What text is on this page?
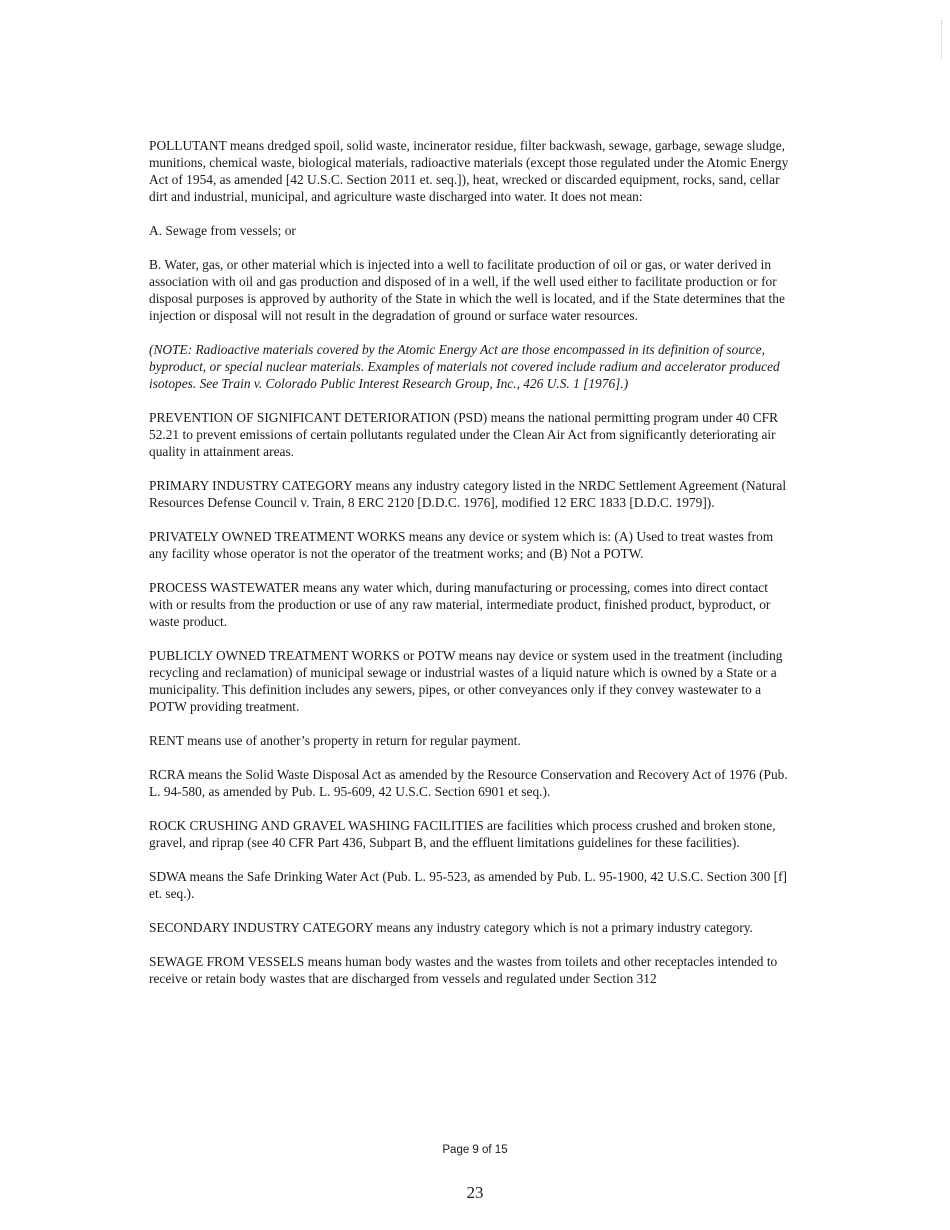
POLLUTANT means dredged spoil, solid waste, incinerator residue, filter backwash, sewage, garbage, sewage sludge, munitions, chemical waste, biological materials, radioactive materials (except those regulated under the Atomic Energy Act of 1954, as amended [42 U.S.C. Section 2011 et. seq.]), heat, wrecked or discarded equipment, rocks, sand, cellar dirt and industrial, municipal, and agriculture waste discharged into water. It does not mean:

A. Sewage from vessels; or

B. Water, gas, or other material which is injected into a well to facilitate production of oil or gas, or water derived in association with oil and gas production and disposed of in a well, if the well used either to facilitate production or for disposal purposes is approved by authority of the State in which the well is located, and if the State determines that the injection or disposal will not result in the degradation of ground or surface water resources.

(NOTE: Radioactive materials covered by the Atomic Energy Act are those encompassed in its definition of source, byproduct, or special nuclear materials. Examples of materials not covered include radium and accelerator produced isotopes. See Train v. Colorado Public Interest Research Group, Inc., 426 U.S. 1 [1976].)

PREVENTION OF SIGNIFICANT DETERIORATION (PSD) means the national permitting program under 40 CFR 52.21 to prevent emissions of certain pollutants regulated under the Clean Air Act from significantly deteriorating air quality in attainment areas.

PRIMARY INDUSTRY CATEGORY means any industry category listed in the NRDC Settlement Agreement (Natural Resources Defense Council v. Train, 8 ERC 2120 [D.D.C. 1976], modified 12 ERC 1833 [D.D.C. 1979]).

PRIVATELY OWNED TREATMENT WORKS means any device or system which is: (A) Used to treat wastes from any facility whose operator is not the operator of the treatment works; and (B) Not a POTW.

PROCESS WASTEWATER means any water which, during manufacturing or processing, comes into direct contact with or results from the production or use of any raw material, intermediate product, finished product, byproduct, or waste product.

PUBLICLY OWNED TREATMENT WORKS or POTW means nay device or system used in the treatment (including recycling and reclamation) of municipal sewage or industrial wastes of a liquid nature which is owned by a State or a municipality. This definition includes any sewers, pipes, or other conveyances only if they convey wastewater to a POTW providing treatment.

RENT means use of another’s property in return for regular payment.

RCRA means the Solid Waste Disposal Act as amended by the Resource Conservation and Recovery Act of 1976 (Pub. L. 94-580, as amended by Pub. L. 95-609, 42 U.S.C. Section 6901 et seq.).

ROCK CRUSHING AND GRAVEL WASHING FACILITIES are facilities which process crushed and broken stone, gravel, and riprap (see 40 CFR Part 436, Subpart B, and the effluent limitations guidelines for these facilities).

SDWA means the Safe Drinking Water Act (Pub. L. 95-523, as amended by Pub. L. 95-1900, 42 U.S.C. Section 300 [f] et. seq.).

SECONDARY INDUSTRY CATEGORY means any industry category which is not a primary industry category.

SEWAGE FROM VESSELS means human body wastes and the wastes from toilets and other receptacles intended to receive or retain body wastes that are discharged from vessels and regulated under Section 312

Page 9 of 15
23
